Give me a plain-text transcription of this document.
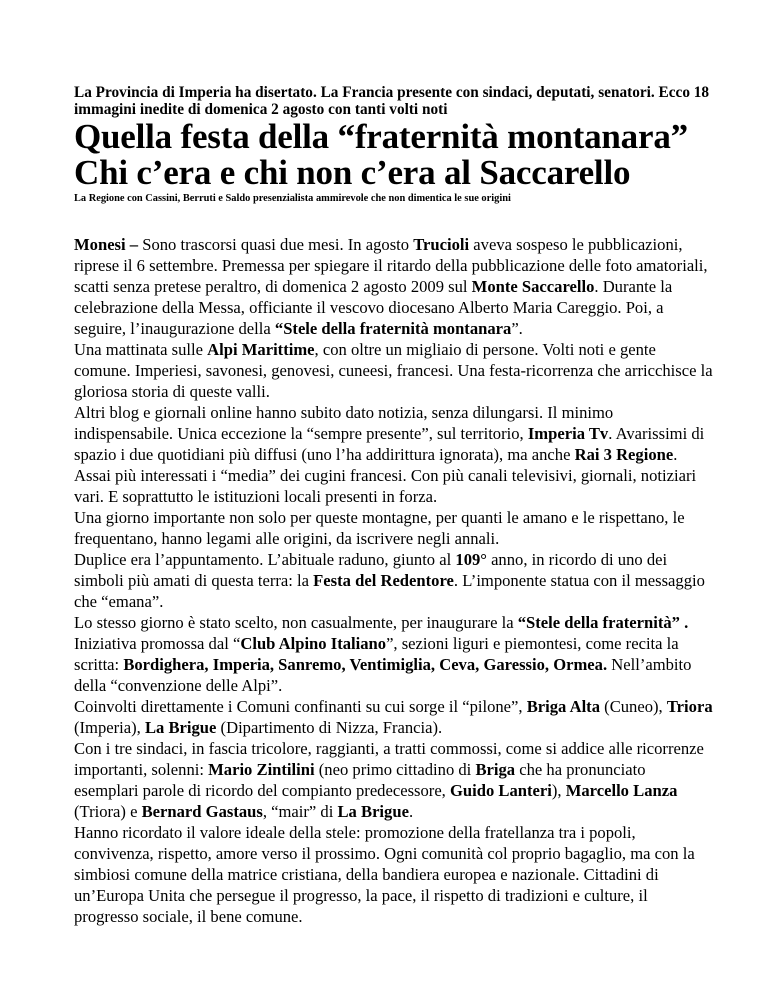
La Provincia di Imperia ha disertato. La Francia presente con sindaci, deputati, senatori. Ecco 18 immagini inedite di domenica 2 agosto con tanti volti noti

Quella festa della “fraternità montanara”
Chi c’era e chi non c’era al Saccarello

La Regione con Cassini, Berruti e Saldo presenzialista ammirevole che non dimentica le sue origini

Monesi – Sono trascorsi quasi due mesi. In agosto Trucioli aveva sospeso le pubblicazioni, riprese il 6 settembre. Premessa per spiegare il ritardo della pubblicazione delle foto amatoriali, scatti senza pretese peraltro, di domenica 2 agosto 2009 sul Monte Saccarello. Durante la celebrazione della Messa, officiante il vescovo diocesano Alberto Maria Careggio. Poi, a seguire, l’inaugurazione della “Stele della fraternità montanara”.

Una mattinata sulle Alpi Marittime, con oltre un migliaio di persone. Volti noti e gente comune. Imperiesi, savonesi, genovesi, cuneesi, francesi. Una festa-ricorrenza che arricchisce la gloriosa storia di queste valli.

Altri blog e giornali online hanno subito dato notizia, senza dilungarsi. Il minimo indispensabile. Unica eccezione la “sempre presente”, sul territorio, Imperia Tv. Avarissimi di spazio i due quotidiani più diffusi (uno l’ha addirittura ignorata), ma anche Rai 3 Regione.

Assai più interessati i “media” dei cugini francesi. Con più canali televisivi, giornali, notiziari vari. E soprattutto le istituzioni locali presenti in forza.

Una giorno importante non solo per queste montagne, per quanti le amano e le rispettano, le frequentano, hanno legami alle origini, da iscrivere negli annali.

Duplice era l’appuntamento. L’abituale raduno, giunto al 109° anno, in ricordo di uno dei simboli più amati di questa terra: la Festa del Redentore. L’imponente statua con il messaggio che “emana”.

Lo stesso giorno è stato scelto, non casualmente, per inaugurare la “Stele della fraternità” . Iniziativa promossa dal “Club Alpino Italiano”, sezioni liguri e piemontesi, come recita la scritta: Bordighera, Imperia, Sanremo, Ventimiglia, Ceva, Garessio, Ormea. Nell’ambito della “convenzione delle Alpi”.

Coinvolti direttamente i Comuni confinanti su cui sorge il “pilone”, Briga Alta (Cuneo), Triora (Imperia), La Brigue (Dipartimento di Nizza, Francia).

Con i tre sindaci, in fascia tricolore, raggianti, a tratti commossi, come si addice alle ricorrenze importanti, solenni: Mario Zintilini (neo primo cittadino di Briga che ha pronunciato esemplari parole di ricordo del compianto predecessore, Guido Lanteri), Marcello Lanza (Triora) e Bernard Gastaus, “mair” di La Brigue.

Hanno ricordato il valore ideale della stele: promozione della fratellanza tra i popoli, convivenza, rispetto, amore verso il prossimo. Ogni comunità col proprio bagaglio, ma con la simbiosi comune della matrice cristiana, della bandiera europea e nazionale. Cittadini di un’Europa Unita che persegue il progresso, la pace, il rispetto di tradizioni e culture, il progresso sociale, il bene comune.
